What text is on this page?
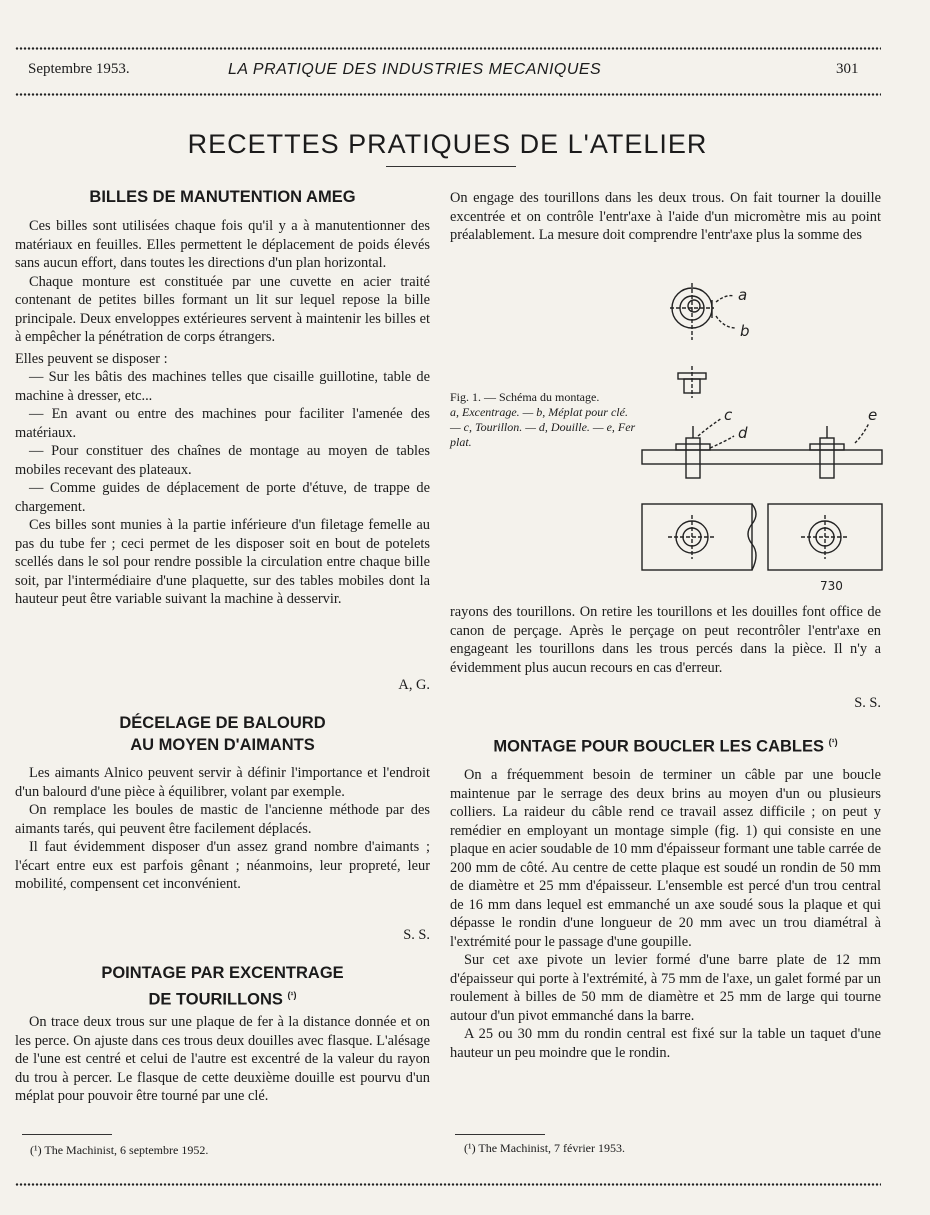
Septembre 1953.	LA PRATIQUE DES INDUSTRIES MECANIQUES	301
RECETTES PRATIQUES DE L'ATELIER
BILLES DE MANUTENTION AMEG

Ces billes sont utilisées chaque fois qu'il y a à manutentionner des matériaux en feuilles. Elles permettent le déplacement de poids élevés sans aucun effort, dans toutes les directions d'un plan horizontal.

Chaque monture est constituée par une cuvette en acier traité contenant de petites billes formant un lit sur lequel repose la bille principale. Deux enveloppes extérieures servent à maintenir les billes et à empêcher la pénétration de corps étrangers.

Elles peuvent se disposer :

— Sur les bâtis des machines telles que cisaille guillotine, table de machine à dresser, etc...

— En avant ou entre des machines pour faciliter l'amenée des matériaux.

— Pour constituer des chaînes de montage au moyen de tables mobiles recevant des plateaux.

— Comme guides de déplacement de porte d'étuve, de trappe de chargement.

Ces billes sont munies à la partie inférieure d'un filetage femelle au pas du tube fer ; ceci permet de les disposer soit en bout de potelets scellés dans le sol pour rendre possible la circulation entre chaque bille soit, par l'intermédiaire d'une plaquette, sur des tables mobiles dont la hauteur peut être variable suivant la machine à desservir.

A, G.
DÉCELAGE DE BALOURD
AU MOYEN D'AIMANTS

Les aimants Alnico peuvent servir à définir l'importance et l'endroit d'un balourd d'une pièce à équilibrer, volant par exemple.

On remplace les boules de mastic de l'ancienne méthode par des aimants tarés, qui peuvent être facilement déplacés.

Il faut évidemment disposer d'un assez grand nombre d'aimants ; l'écart entre eux est parfois gênant ; néanmoins, leur propreté, leur mobilité, compensent cet inconvénient.

S. S.
POINTAGE PAR EXCENTRAGE
DE TOURILLONS $^{(^1)}$

On trace deux trous sur une plaque de fer à la distance donnée et on les perce. On ajuste dans ces trous deux douilles avec flasque. L'alésage de l'une est centré et celui de l'autre est excentré de la valeur du rayon du trou à percer. Le flasque de cette deuxième douille est pourvu d'un méplat pour pouvoir être tourné par une clé.

(¹) The Machinist, 6 septembre 1952.

On engage des tourillons dans les deux trous. On fait tourner la douille excentrée et on contrôle l'entr'axe à l'aide d'un micromètre mis au point préalablement. La mesure doit comprendre l'entr'axe plus la somme des

Fig. 1. — Schéma du montage.
a, Excentrage. — b, Méplat pour clé. — c, Tourillon. — d, Douille. — e, Fer plat.
a
b
c
d
e
730

rayons des tourillons. On retire les tourillons et les douilles font office de canon de perçage. Après le perçage on peut recontrôler l'entr'axe en engageant les tourillons dans les trous percés dans la pièce. Il n'y a évidemment plus aucun recours en cas d'erreur.

S. S.
MONTAGE POUR BOUCLER LES CABLES $^{(^1)}$

On a fréquemment besoin de terminer un câble par une boucle maintenue par le serrage des deux brins au moyen d'un ou plusieurs colliers. La raideur du câble rend ce travail assez difficile ; on peut y remédier en employant un montage simple (fig. 1) qui consiste en une plaque en acier soudable de 10 mm d'épaisseur formant une table carrée de 200 mm de côté. Au centre de cette plaque est soudé un rondin de 50 mm de diamètre et 25 mm d'épaisseur. L'ensemble est percé d'un trou central de 16 mm dans lequel est emmanché un axe soudé sous la plaque et qui dépasse le rondin d'une longueur de 20 mm avec un trou diamétral à l'extrémité pour le passage d'une goupille.

Sur cet axe pivote un levier formé d'une barre plate de 12 mm d'épaisseur qui porte à l'extrémité, à 75 mm de l'axe, un galet formé par un roulement à billes de 50 mm de diamètre et 25 mm de large qui tourne autour d'un pivot emmanché dans la barre.

A 25 ou 30 mm du rondin central est fixé sur la table un taquet d'une hauteur un peu moindre que le rondin.

(¹) The Machinist, 7 février 1953.
